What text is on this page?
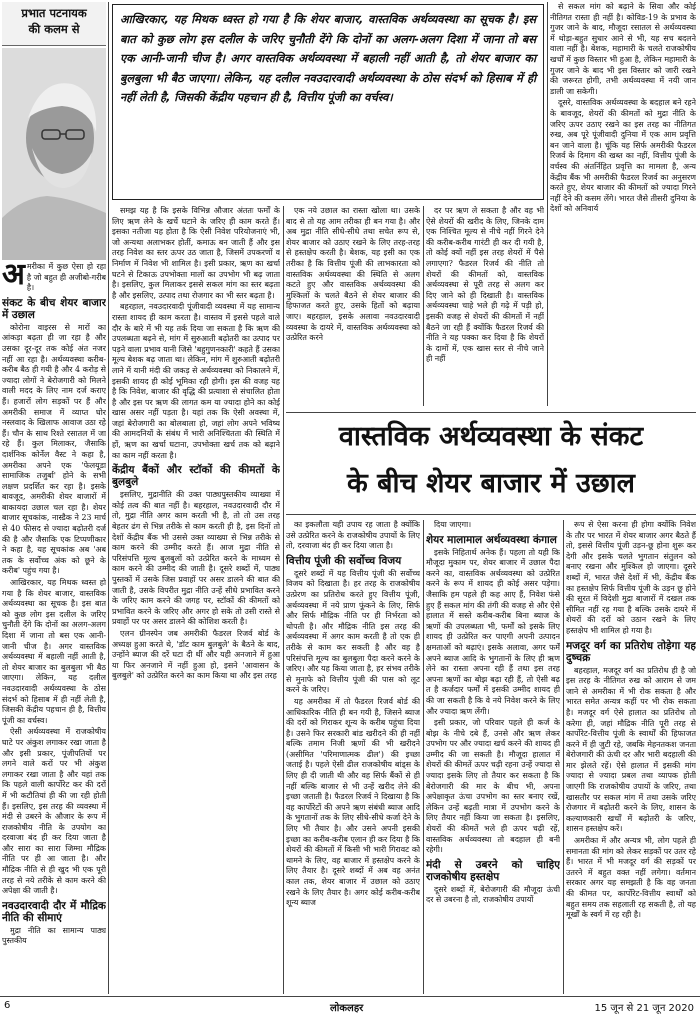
प्रभात पटनायक
की कलम से

अमरीका में कुछ ऐसा हो रहा है जो बहुत ही अजीबो-गरीब है।

संकट के बीच शेयर बाजार में उछाल

कोरोना वाइरस से मारों का आंकड़ा बढ़ता ही जा रहा है और उसका दूर-दूर तक कोई अंत नजर नहीं आ रहा है। अर्थव्यवस्था करीब-करीब बैठ ही गयी है और 4 करोड़ से ज्यादा लोगों ने बेरोजगारी को मिलने वाली मदद के लिए नाम दर्ज कराए हैं। हजारों लोग सड़कों पर हैं और अमरीकी समाज में व्याप्त घोर नस्लवाद के खिलाफ आवाज उठा रहे हैं। चौन के साथ रिश्ते रसातल में जा रहे हैं। कुल मिलाकर, जैसाकि दार्शनिक कोर्नेल वैस्ट ने कहा है, अमरीका अपने एक 'फेलयूडा सामाजिक तजुर्बा' होने के सभी लक्षण प्रदर्शित कर रहा है। इसके बावजूद, अमरीकी शेयर बाजारों में बाकायदा उछाल चल रहा है। शेयर बाजार सूचकांक, नास्डैक ने 23 मार्च से 40 फीसद से ज्यादा बढ़ोतरी दर्ज की है और जैसाकि एक टिप्पणीकार ने कहा है, यह सूचकांक अब 'अब तक के सर्वोच्च अंक को छूने के करीब' पहुंच गया है।

आखिरकार, यह मिथक ध्वस्त हो गया है कि शेयर बाजार, वास्तविक अर्थव्यवस्था का सूचक है। इस बात को कुछ लोग इस दलील के जरिए चुनौती देंगे कि दोनों का अलग-अलग दिशा में जाना तो बस एक आनी-जानी चीज है। अगर वास्तविक अर्थव्यवस्था में बहाली नहीं आती है, तो शेयर बाजार का बुलबुला भी बैठ जाएगा। लेकिन, यह दलील नवउदारवादी अर्थव्यवस्था के ठोस संदर्भ को हिसाब में ही नहीं लेती है, जिसकी केंद्रीय पहचान ही है, वित्तीय पूंजी का वर्चस्व।

ऐसी अर्थव्यवस्था में राजकोषीय घाटे पर अंकुश लगाकर रखा जाता है और इसी प्रकार, पूंजीपतियों पर लगने वाले करों पर भी अंकुश लगाकर रखा जाता है और यहां तक कि पहले वाली कार्पोरेट कर की दरों में भी कटौतियां ही की जा रही होती हैं। इसलिए, इस तरह की व्यवस्था में मंदी से उबरने के औजार के रूप में राजकोषीय नीति के उपयोग का दरवाजा बंद ही कर दिया जाता है और सारा का सारा जिम्मा मौद्रिक नीति पर ही आ जाता है। और मौद्रिक नीति से ही खुद भी एक पूरी तरह से नये तरीके से काम करने की अपेक्षा की जाती है।

नवउदारवादी दौर में मौद्रिक नीति की सीमाएं

मुद्रा नीति का सामान्य पाठ्य पुस्तकीय

आखिरकार, यह मिथक ध्वस्त हो गया है कि शेयर बाजार, वास्तविक अर्थव्यवस्था का सूचक है। इस बात को कुछ लोग इस दलील के जरिए चुनौती देंगे कि दोनों का अलग-अलग दिशा में जाना तो बस एक आनी-जानी चीज है। अगर वास्तविक अर्थव्यवस्था में बहाली नहीं आती है, तो शेयर बाजार का बुलबुला भी बैठ जाएगा। लेकिन, यह दलील नवउदारवादी अर्थव्यवस्था के ठोस संदर्भ को हिसाब में ही नहीं लेती है, जिसकी केंद्रीय पहचान ही है, वित्तीय पूंजी का वर्चस्व।

समझ यह है कि इसके विभिन्न औजार अंततः फर्मों के लिए ऋण लेने के खर्चे घटाने के जरिए ही काम करते हैं। इसका नतीजा यह होता है कि ऐसी निवेश परियोजनाएं भी, जो अन्यथा अलाभकर होतीं, कमाऊ बन जाती हैं और इस तरह निवेश का स्तर ऊपर उठ जाता है, जिसमें उपकरणों व निर्माण में निवेश भी शामिल है। इसी प्रकार, ऋण का खर्चा घटने से टिकाऊ उपभोक्ता मालों का उपभोग भी बढ़ जाता है। इसलिए, कुल मिलाकर इससे सकल मांग का स्तर बढ़ता है और इसलिए, उत्पाद तथा रोजगार का भी स्तर बढ़ता है।

बहरहाल, नवउदारवादी पूंजीवादी व्यवस्था में यह सामान्य रास्ता शायद ही काम करता है। वास्तव में इससे पहले वाले दौर के बारे में भी यह तर्क दिया जा सकता है कि ऋण की उपलब्धता बढ़ने से, मांग में सुरुआती बढ़ोतरी का उत्पाद पर पड़ने वाला प्रभाव यानी जिसे 'बहुगुणनकारी' कहते हैं उसका मूल्य बेशक बढ़ जाता था। लेकिन, मांग में शुरुआती बढ़ोतरी लाने में यानी मंदी की जकड़ से अर्थव्यवस्था को निकालने में, इसकी शायद ही कोई भूमिका रही होगी। इस की वजह यह है कि निवेश, बाजार की वृद्धि की प्रत्याशा से संचालित होता है और इस पर ऋण की लागत कम या ज्यादा होने का कोई खास असर नहीं पड़ता है। यहां तक कि ऐसी अवस्था में, जहां बेरोजगारी का बोलबाला हो, जहां लोग अपने भविष्य की आमदनियों के संबंध में भारी अनिश्चितता की स्थिति में हों, ऋण का खर्चा घटाना, उपभोक्ता खर्च तक को बढ़ाने का काम नहीं करता है।

केंद्रीय बैंकों और स्टॉकों की कीमतों के बुलबुले

इसलिए, मुद्रानीति की उक्त पाठ्यपुस्तकीय व्याख्या में कोई तत्व की बात नहीं है। बहरहाल, नवउदारवादी दौर में तो, मुद्रा नीति अगर काम करती भी है, तो तो उस तरह बेहतर ढंग से भिन्न तरीके से काम करती ही है, इस दिनों तो देशों केंद्रीय बैंक भी उससे उक्त व्याख्या से भिन्न तरीके से काम करने की उम्मीद करते हैं। आज मुद्रा नीति से परिसंपत्ति मूल्य बुलबुलों को उत्प्रेरित करने के माध्यम से काम करने की उम्मीद की जाती है। दूसरे शब्दों में, पाठ्य पुस्तकों में उसके जिस प्रवाहों पर असर डालने की बात की जाती है, उसके विपरीत मुद्रा नीति उन्हें सीधे प्रभावित करने के जरिए काम करने की जगह पर, स्टॉकों की कीमतों को प्रभावित करने के जरिए और अगर हो सके तो उसी रास्ते से प्रवाहों पर पर असर डालने की कोशिश करती है।

एलन ग्रीनस्पेन जब अमरीकी फैडरल रिजर्व बोर्ड के अध्यक्ष हुआ करते थे, 'डॉट काम बुलबुले' के बैठने के बाद, उन्होंने ब्याज की दरें घटा दी थीं और यही अनजाने में हुआ या फिर अनजाने में नहीं हुआ हो, इसने 'आवासन के बुलबुले' को उत्प्रेरित करने का काम किया था और इस तरह

एक नये उछाल का रास्ता खोला था। उसके बाद से तो यह आम तरीका ही बन गया है। और अब मुद्रा नीति सीधे-सीधे तथा सचेत रूप से, शेयर बाजार को उठाए रखने के लिए तरह-तरह से हस्तक्षेप करती है। बेशक, यह इसी का एक तरीका है कि वित्तीय पूंजी की लाभकारता को वास्तविक अर्थव्यवस्था की स्थिति से अलग कटते हुए और वास्तविक अर्थव्यवस्था की मुश्किलों के चलते बैठने से शेयर बाजार की हिफाजत करते हुए, उसके हितों को बढ़ाया जाए। बहरहाल, इसके अलावा नवउदारवादी व्यवस्था के दायरे में, वास्तविक अर्थव्यवस्था को उत्प्रेरित करने

दर पर ऋण ले सकता है और वह भी ऐसे शेयरों की खरीद के लिए, जिनके दाम एक निश्चित मूल्य से नीचे नहीं गिरने देने की करीब-करीब गारंटी ही कर दी गयी है, तो कोई क्यों नहीं इस तरह शेयरों में पैसे लगाएगा? फैडरल रिजर्व की नीति तो शेयरों की कीमतों को, वास्तविक अर्थव्यवस्था से पूरी तरह से अलग कर दिए जाने को ही दिखाती है। वास्तविक अर्थव्यवस्था चाहे भले ही गढ़े में पड़ी हो, इसकी वजह से शेयरों की कीमतों में नहीं बैठने जा रही हैं क्योंकि फैडरल रिजर्व की नीति ने यह पक्का कर दिया है कि शेयरों के दामों में, एक खास स्तर से नीचे जाने ही नहीं

से सकल मांग को बढ़ाने के सिवा और कोई नीतिगत रास्ता ही नहीं है। कोविड-19 के प्रभाव के गुजर जाने के बाद, मौजूदा रसातल से अर्थव्यवस्था में थोड़ा-बहुत सुधार आने से भी, यह सच बदलने वाला नहीं है। बेशक, महामारी के चलते राजकोषीय खर्चों में कुछ विस्तार भी हुआ है, लेकिन महामारी के गुजर जाने के बाद भी इस विस्तार को जारी रखने की जरूरत होगी, तभी अर्थव्यवस्था में नयी जान डाली जा सकेगी।

दूसरे, वास्तविक अर्थव्यवस्था के बदहाल बने रहने के बावजूद, शेयरों की कीमतों को मुद्रा नीति के जरिए ऊपर उठाए रखने का इस तरह का नीतिगत रुख, अब पूरे पूंजीवादी दुनिया में एक आम प्रवृत्ति बन जाने वाला है। चूंकि यह सिर्फ अमरीकी फैडरल रिजर्व के दिमाग की खब्त का नहीं, वित्तीय पूंजी के वर्चस्व की अंतर्निहित प्रवृत्ति का मामला है, अन्य केंद्रीय बैंक भी अमरीकी फैडरल रिजर्व का अनुसरण करते हुए, शेयर बाजार की कीमतों को ज्यादा गिरने नहीं देने की कसम लेंगे। भारत जैसे तीसरी दुनिया के देशों को अनिवार्य

वास्तविक अर्थव्यवस्था के संकट
के बीच शेयर बाजार में उछाल

का इकलौता यही उपाय रह जाता है क्योंकि उसे उत्प्रेरित करने के राजकोषीय उपायों के लिए तो, दरवाजा बंद ही कर दिया जाता है।

वित्तीय पूंजी की सर्वोच्च विजय

दूसरे शब्दों में यह वित्तीय पूंजी की सर्वोच्च विजय को दिखाता है। हर तरह के राजकोषीय उत्प्रेरण का प्रतिरोध करते हुए वित्तीय पूंजी, अर्थव्यवस्था में नये प्राण फूंकने के लिए, सिर्फ और सिर्फ मौद्रिक नीति पर ही निर्भरता को थोपती है। और मौद्रिक नीति इस तरह की अर्थव्यवस्था में अगर काम करती है तो एक ही तरीके से काम कर सकती है और वह है परिसंपत्ति मूल्य का बुलबुला पैदा करने करने के जरिए। और यह किया जाता है, हर संभव तरीके से मुनाफे को वित्तीय पूंजी की पास को लूट करने के जरिए।

यह अमरीका में तो फैडरल रिजर्व बोर्ड की आधिकारिक नीति ही बन गयी है, जिसने ब्याज की दरों को गिराकर शून्य के करीब पहुंचा दिया है। उसने फिर सरकारी बांड खरीदने की ही नहीं बल्कि तमाम निजी ऋणों की भी खरीदने (असीमित 'परिमाणात्मक ढील') की इच्छा जताई है। पहले ऐसी ढील राजकोषीय बांड्स के लिए ही दी जाती थी और वह सिर्फ बैंकों से ही नहीं बल्कि बाजार से भी उन्हें खरीद लेने की इच्छा जताती है। फैडरल रिजर्व ने दिखाया है कि वह कार्पोरेटों की अपने ऋण संबंधी ब्याज आदि के भुगतानों तक के लिए सीधे-सीधे कर्जा देने के लिए भी तैयार है। और उसने अपनी इसकी इच्छा का करीब-करीब एलान ही कर दिया है कि शेयरों की कीमतों में किसी भी भारी गिरावट को थामने के लिए, वह बाजार में हस्तक्षेप करने के लिए तैयार है। दूसरे शब्दों में अब वह अनंत काल तक, शेयर बाजार में उछाल को उठाए रखने के लिए तैयार है। अगर कोई करीब-करीब शून्य ब्याज

दिया जाएगा।

शेयर मालामाल अर्थव्यवस्था कंगाल

इसके निहितार्थ अनेक हैं। पहला तो यही कि मौजूदा मुकाम पर, शेयर बाजार में उछाल पैदा करने का, वास्तविक अर्थव्यवस्था को उत्प्रेरित करने के रूप में शायद ही कोई असर पड़ेगा। जैसाकि हम पहले ही कह आए हैं, निवेश फंसे हुए हैं सकल मांग की तंगी की वजह से और ऐसे हालात में सस्ते करीब-करीब बिना ब्याज के ऋणों की उपलब्धता भी, फर्मों को इसके लिए शायद ही उत्प्रेरित कर पाएगी अपनी उत्पादन क्षमताओं को बढ़ाएं। इसके अलावा, अगर फर्में अपने ब्याज आदि के भुगतानों के लिए ही ऋण लेने का रास्ता अपना रही हैं तथा इस तरह अपना ऋणों का बोझ बढ़ा रही हैं, तो ऐसी बढ़ त है कर्जदार फर्मों में इसकी उम्मीद शायद ही की जा सकती है कि वे नये निवेश करने के लिए और ज्यादा ऋण लेंगी।

इसी प्रकार, जो परिवार पहले ही कर्ज के बोझ के नीचे दबे हैं, उनसे और ऋण लेकर उपभोग पर और ज्यादा खर्च करने की शायद ही उम्मीद की जा सकती है। मौजूदा हालात में शेयरों की कीमतें ऊपर चढ़ी रहना उन्हें ज्यादा से ज्यादा इसके लिए तो तैयार कर सकता है कि बेरोजगारी की मार के बीच भी, अपना अपेक्षाकृत ऊंचा उपभोग का स्तर बनाए रखें, लेकिन उन्हें बढ़ती मात्रा में उपभोग करने के लिए तैयार नहीं किया जा सकता है। इसलिए, शेयरों की कीमतें भले ही ऊपर चढ़ी रहें, वास्तविक अर्थव्यवस्था तो बदहाल ही बनी रहेगी।

मंदी से उबरने को चाहिए राजकोषीय हस्तक्षेप

दूसरे शब्दों में, बेरोजगारी की मौजूदा ऊंची दर से उबरना है तो, राजकोषीय उपायों

रूप से ऐसा करना ही होगा क्योंकि निवेश के तौर पर भारत में शेयर बाजार अगर बैठते हैं तो, इससे वित्तीय पूंजी उड़न-छू होना शुरू कर देगी और इसके चलते भुगतान संतुलन को बनाए रखना और मुश्किल हो जाएगा। दूसरे शब्दों में, भारत जैसे देशों में भी, केंद्रीय बैंक का हस्तक्षेप सिर्फ वित्तीय पूंजी के उड़न छू होने की सूरत में विदेशी मुद्रा बाजारों में दखल तक सीमित नहीं रह गया है बल्कि उसके दायरे में शेयरों की दरों को उठान रखने के लिए हस्तक्षेप भी शामिल हो गया है।

मजदूर वर्ग का प्रतिरोध तोड़ेगा यह दुष्चक्र

बहरहाल, मजदूर वर्ग का प्रतिरोध ही है जो इस तरह के नीतिगत रुख को आराम से जम जाने से अमरीका में भी रोक सकता है और भारत समेत अन्यत्र कहीं पर भी रोक सकता है। मजदूर वर्ग ऐसे हालात का प्रतिरोध तो करेगा ही, जहां मौद्रिक नीति पूरी तरह से कार्पोरेट-वित्तीय पूंजी के स्वार्थों की हिफाजत करने में ही जुटी रहे, जबकि मेहनतकश जनता बेरोजगारी की ऊंची दर और भारी बदहाली की मार झेलते रहें। ऐसे हालात में इसकी मांग ज्यादा से ज्यादा प्रबल तथा व्यापक होती जाएगी कि राजकोषीय उपायों के जरिए, तथा खासतौर पर सकल मांग में तथा उसके जरिए रोजगार में बढ़ोतरी करने के लिए, शासन के कल्याणकारी खर्चों में बढ़ोतरी के जरिए, शासन हस्तक्षेप करें।

अमरीका में और अन्यत्र भी, लोग पहले ही समानता की मांग को लेकर सड़कों पर उतर रहे हैं। भारत में भी मजदूर वर्ग की सड़कों पर उतरने में बहुत वक्त नहीं लगेगा। वर्तमान सरकार अगर यह समझती है कि वह जनता की कीमत पर, कार्पोरेट-वित्तीय स्वार्थों को बहुत समय तक सहलाती रह सकती है, तो यह मूर्खों के स्वर्ग में रह रही है।

6	लोकलहर	15 जून से 21 जून 2020
